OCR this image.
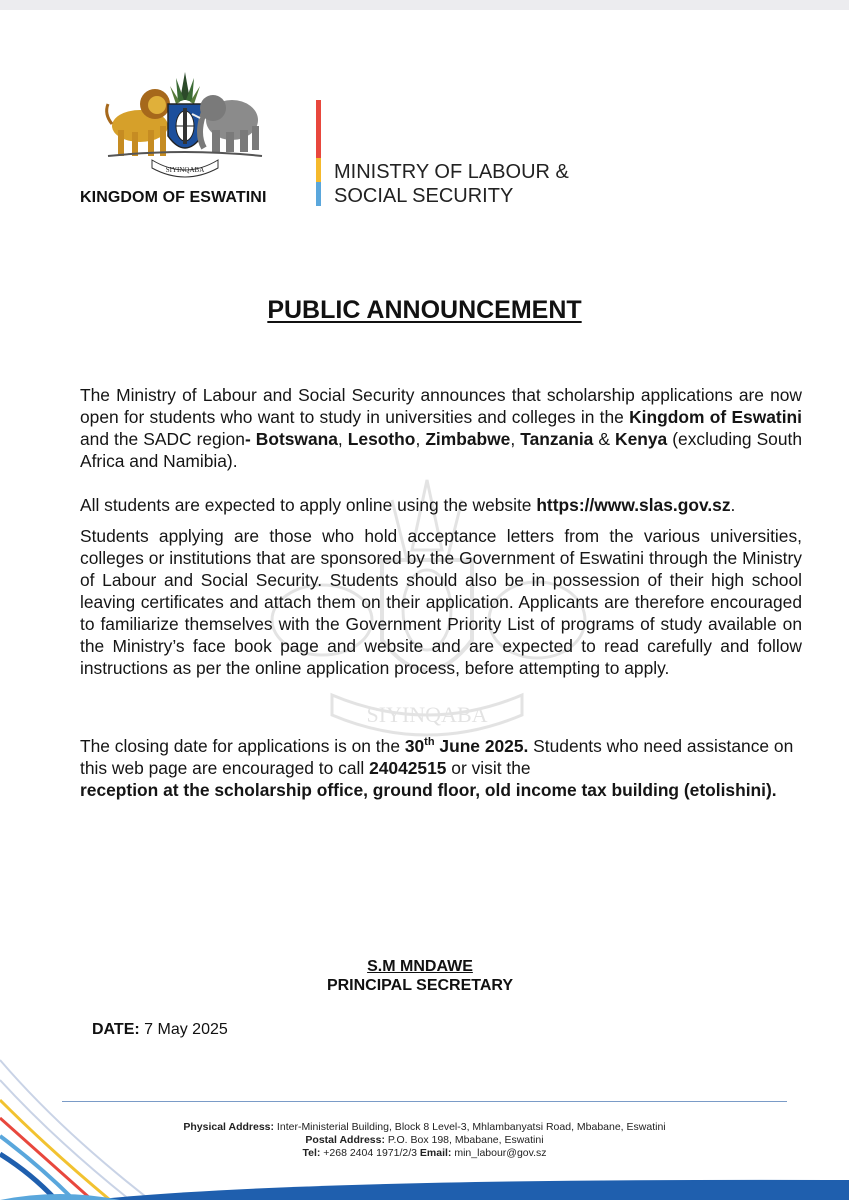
SIYINQABA
KINGDOM OF ESWATINI
MINISTRY OF LABOUR &
SOCIAL SECURITY
PUBLIC ANNOUNCEMENT
SIYINQABA

The Ministry of Labour and Social Security announces that scholarship applications are now open for students who want to study in universities and colleges in the Kingdom of Eswatini and the SADC region- Botswana, Lesotho, Zimbabwe, Tanzania & Kenya (excluding South Africa and Namibia).

All students are expected to apply online using the website https://www.slas.gov.sz.

Students applying are those who hold acceptance letters from the various universities, colleges or institutions that are sponsored by the Government of Eswatini through the Ministry of Labour and Social Security. Students should also be in possession of their high school leaving certificates and attach them on their application. Applicants are therefore encouraged to familiarize themselves with the Government Priority List of programs of study available on the Ministry’s face book page and website and are expected to read carefully and follow instructions as per the online application process, before attempting to apply.

The closing date for applications is on the 30th June 2025. Students who need assistance on this web page are encouraged to call 24042515 or visit the
reception at the scholarship office, ground floor, old income tax building (etolishini).

S.M MNDAWE
PRINCIPAL SECRETARY
DATE: 7 May 2025
Physical Address: Inter-Ministerial Building, Block 8 Level-3, Mhlambanyatsi Road, Mbabane, Eswatini
Postal Address: P.O. Box 198, Mbabane, Eswatini
Tel: +268 2404 1971/2/3 Email: min_labour@gov.sz
